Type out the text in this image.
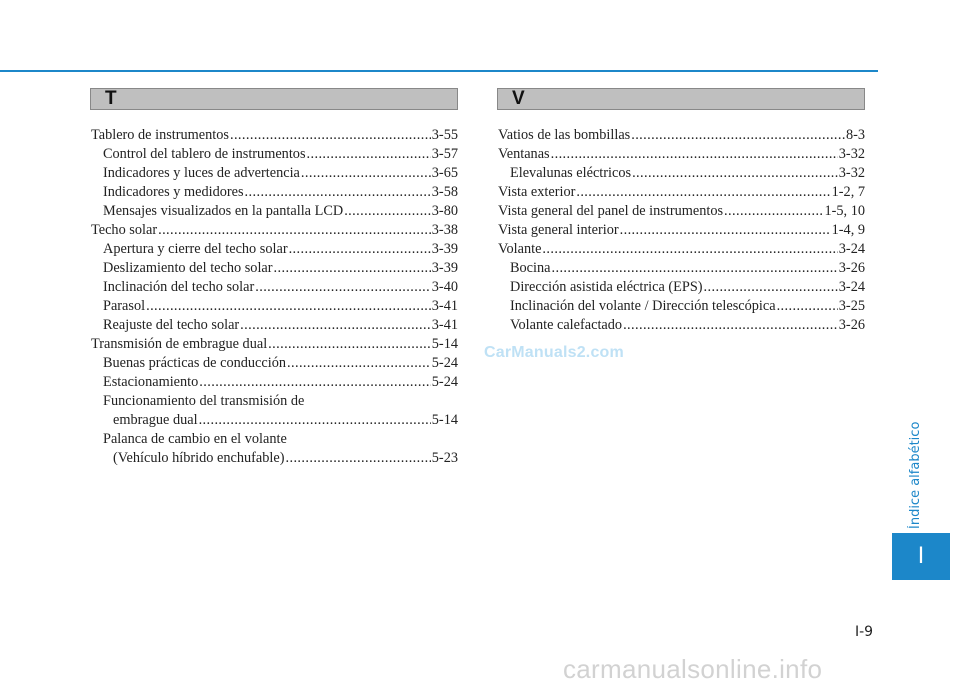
T	V
Tablero de instrumentos .....	3-55
Control del tablero de instrumentos .....	3-57
Indicadores y luces de advertencia .....	3-65
Indicadores y medidores .....	3-58
Mensajes visualizados en la pantalla LCD .....	3-80
Techo solar .....	3-38
Apertura y cierre del techo solar .....	3-39
Deslizamiento del techo solar .....	3-39
Inclinación del techo solar .....	3-40
Parasol .....	3-41
Reajuste del techo solar .....	3-41
Transmisión de embrague dual .....	5-14
Buenas prácticas de conducción .....	5-24
Estacionamiento .....	5-24
Funcionamiento del transmisión de
embrague dual .....	5-14
Palanca de cambio en el volante
(Vehículo híbrido enchufable) .....	5-23
Vatios de las bombillas .....	8-3
Ventanas .....	3-32
Elevalunas eléctricos .....	3-32
Vista exterior .....	1-2, 7
Vista general del panel de instrumentos .....	1-5, 10
Vista general interior .....	1-4, 9
Volante .....	3-24
Bocina .....	3-26
Dirección asistida eléctrica (EPS) .....	3-24
Inclinación del volante / Dirección telescópica .....	3-25
Volante calefactado .....	3-26
CarManuals2.com
Índice alfabético
I
I-9
carmanualsonline.info
